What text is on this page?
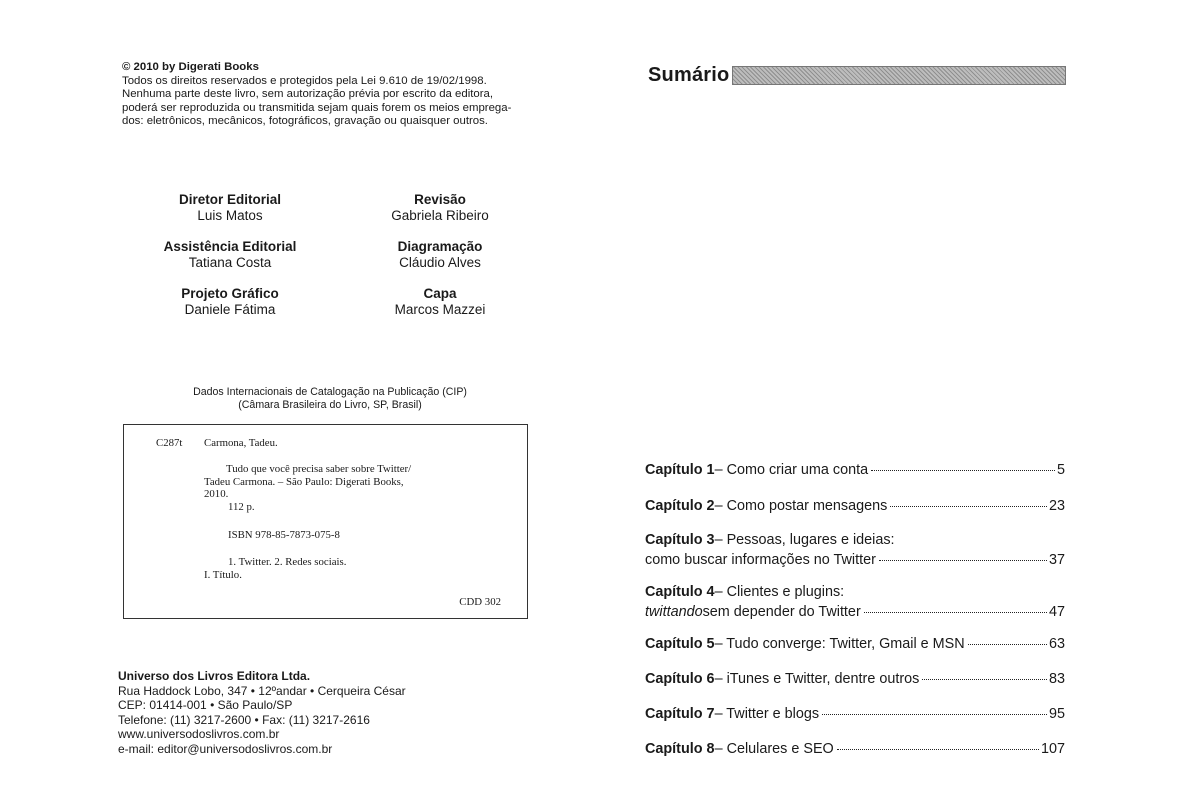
© 2010 by Digerati Books
Todos os direitos reservados e protegidos pela Lei 9.610 de 19/02/1998.
Nenhuma parte deste livro, sem autorização prévia por escrito da editora,
poderá ser reproduzida ou transmitida sejam quais forem os meios emprega-
dos: eletrônicos, mecânicos, fotográficos, gravação ou quaisquer outros.
Diretor Editorial
Luis Matos
Revisão
Gabriela Ribeiro
Assistência Editorial
Tatiana Costa
Diagramação
Cláudio Alves
Projeto Gráfico
Daniele Fátima
Capa
Marcos Mazzei
Dados Internacionais de Catalogação na Publicação (CIP)
(Câmara Brasileira do Livro, SP, Brasil)
C287t Carmona, Tadeu.
Tudo que você precisa saber sobre Twitter/
Tadeu Carmona. – São Paulo: Digerati Books,
2010.
112 p.
ISBN 978-85-7873-075-8
1. Twitter. 2. Redes sociais.
I. Título.
CDD 302
Universo dos Livros Editora Ltda.
Rua Haddock Lobo, 347 • 12ºandar • Cerqueira César
CEP: 01414-001 • São Paulo/SP
Telefone: (11) 3217-2600 • Fax: (11) 3217-2616
www.universodoslivros.com.br
e-mail: editor@universodoslivros.com.br
Sumário
Capítulo 1 – Como criar uma conta	5
Capítulo 2 – Como postar mensagens	23
Capítulo 3 – Pessoas, lugares e ideias:
como buscar informações no Twitter	37
Capítulo 4 – Clientes e plugins:
twittando sem depender do Twitter	47
Capítulo 5 – Tudo converge: Twitter, Gmail e MSN	63
Capítulo 6 – iTunes e Twitter, dentre outros	83
Capítulo 7 – Twitter e blogs	95
Capítulo 8 – Celulares e SEO	107
